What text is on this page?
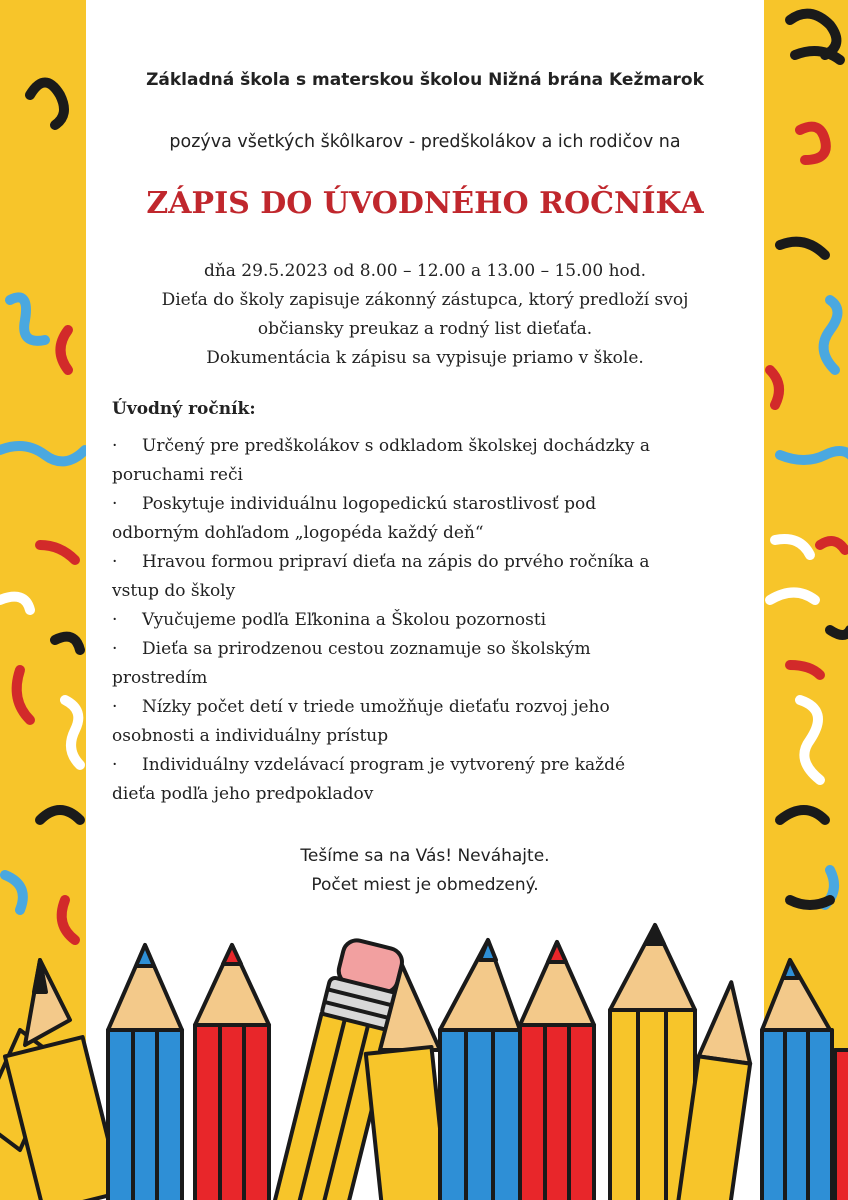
Základná škola s materskou školou Nižná brána Kežmarok
pozýva všetkých škôlkarov - predškolákov a ich rodičov na
ZÁPIS DO ÚVODNÉHO ROČNÍKA
dňa 29.5.2023 od 8.00 – 12.00 a 13.00 – 15.00 hod.
Dieťa do školy zapisuje zákonný zástupca, ktorý predloží svoj
občiansky preukaz a rodný list dieťaťa.
Dokumentácia k zápisu sa vypisuje priamo v škole.
Úvodný ročník:
· Určený pre predškolákov s odkladom školskej dochádzky a
poruchami reči
· Poskytuje individuálnu logopedickú starostlivosť pod
odborným dohľadom „logopéda každý deň“
· Hravou formou pripraví dieťa na zápis do prvého ročníka a
vstup do školy
· Vyučujeme podľa Eľkonina a Školou pozornosti
· Dieťa sa prirodzenou cestou zoznamuje so školským
prostredím
· Nízky počet detí v triede umožňuje dieťaťu rozvoj jeho
osobnosti a individuálny prístup
· Individuálny vzdelávací program je vytvorený pre každé
dieťa podľa jeho predpokladov
Tešíme sa na Vás! Neváhajte.
Počet miest je obmedzený.
